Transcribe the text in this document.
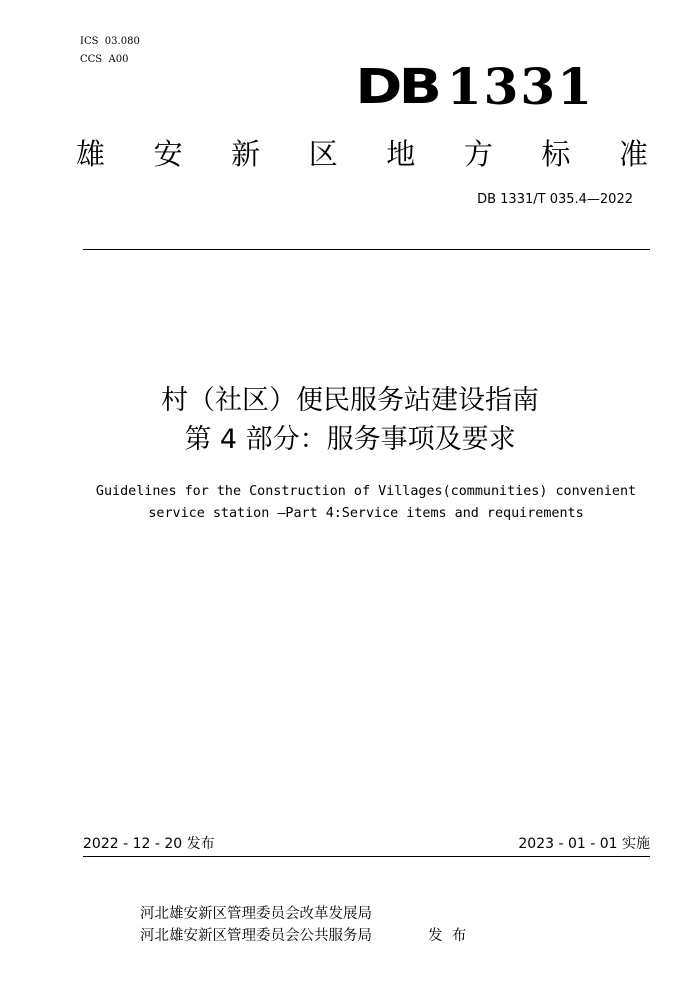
ICS  03.080
CCS  A00	DB 1331
雄 安 新 区 地 方 标 准
DB 1331/T 035.4—2022
村（社区）便民服务站建设指南
第 4 部分：服务事项及要求
Guidelines for the Construction of Villages(communities) convenient
service station —Part 4:Service items and requirements
2022 - 12 - 20 发布	2023 - 01 - 01 实施
河北雄安新区管理委员会改革发展局
河北雄安新区管理委员会公共服务局	发  布
